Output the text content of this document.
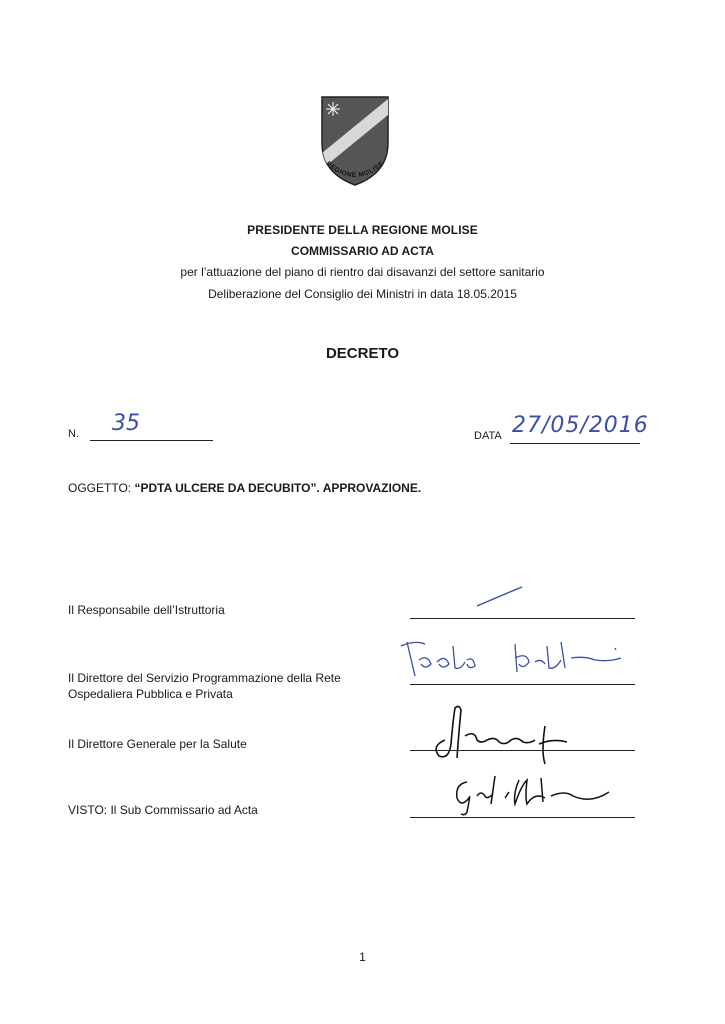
REGIONE MOLISE
PRESIDENTE DELLA REGIONE MOLISE
COMMISSARIO AD ACTA
per l’attuazione del piano di rientro dai disavanzi del settore sanitario
Deliberazione del Consiglio dei Ministri in data 18.05.2015
DECRETO
N. 35	DATA 27/05/2016
OGGETTO: “PDTA ULCERE DA DECUBITO”. APPROVAZIONE.
Il Responsabile dell’Istruttoria
Il Direttore del Servizio Programmazione della Rete
Ospedaliera Pubblica e Privata
Il Direttore Generale per la Salute
VISTO: Il Sub Commissario ad Acta
1
